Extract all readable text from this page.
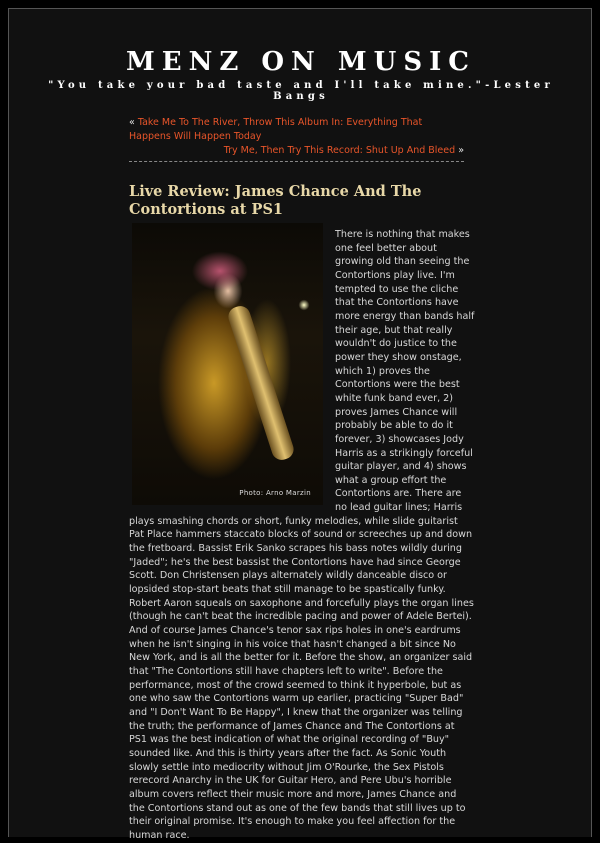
MENZ ON MUSIC
"You take your bad taste and I'll take mine."-Lester Bangs
« Take Me To The River, Throw This Album In: Everything That Happens Will Happen Today
Try Me, Then Try This Record: Shut Up And Bleed »
Live Review: James Chance And The Contortions at PS1
Photo: Arno Marzin

There is nothing that makes one feel better about growing old than seeing the Contortions play live. I'm tempted to use the cliche that the Contortions have more energy than bands half their age, but that really wouldn't do justice to the power they show onstage, which 1) proves the Contortions were the best white funk band ever, 2) proves James Chance will probably be able to do it forever, 3) showcases Jody Harris as a strikingly forceful guitar player, and 4) shows what a group effort the Contortions are. There are no lead guitar lines; Harris plays smashing chords or short, funky melodies, while slide guitarist Pat Place hammers staccato blocks of sound or screeches up and down the fretboard. Bassist Erik Sanko scrapes his bass notes wildly during "Jaded"; he's the best bassist the Contortions have had since George Scott. Don Christensen plays alternately wildly danceable disco or lopsided stop-start beats that still manage to be spastically funky. Robert Aaron squeals on saxophone and forcefully plays the organ lines (though he can't beat the incredible pacing and power of Adele Bertei). And of course James Chance's tenor sax rips holes in one's eardrums when he isn't singing in his voice that hasn't changed a bit since No New York, and is all the better for it. Before the show, an organizer said that "The Contortions still have chapters left to write". Before the performance, most of the crowd seemed to think it hyperbole, but as one who saw the Contortions warm up earlier, practicing "Super Bad" and "I Don't Want To Be Happy", I knew that the organizer was telling the truth; the performance of James Chance and The Contortions at PS1 was the best indication of what the original recording of "Buy" sounded like. And this is thirty years after the fact. As Sonic Youth slowly settle into mediocrity without Jim O'Rourke, the Sex Pistols rerecord Anarchy in the UK for Guitar Hero, and Pere Ubu's horrible album covers reflect their music more and more, James Chance and the Contortions stand out as one of the few bands that still lives up to their original promise. It's enough to make you feel affection for the human race.
